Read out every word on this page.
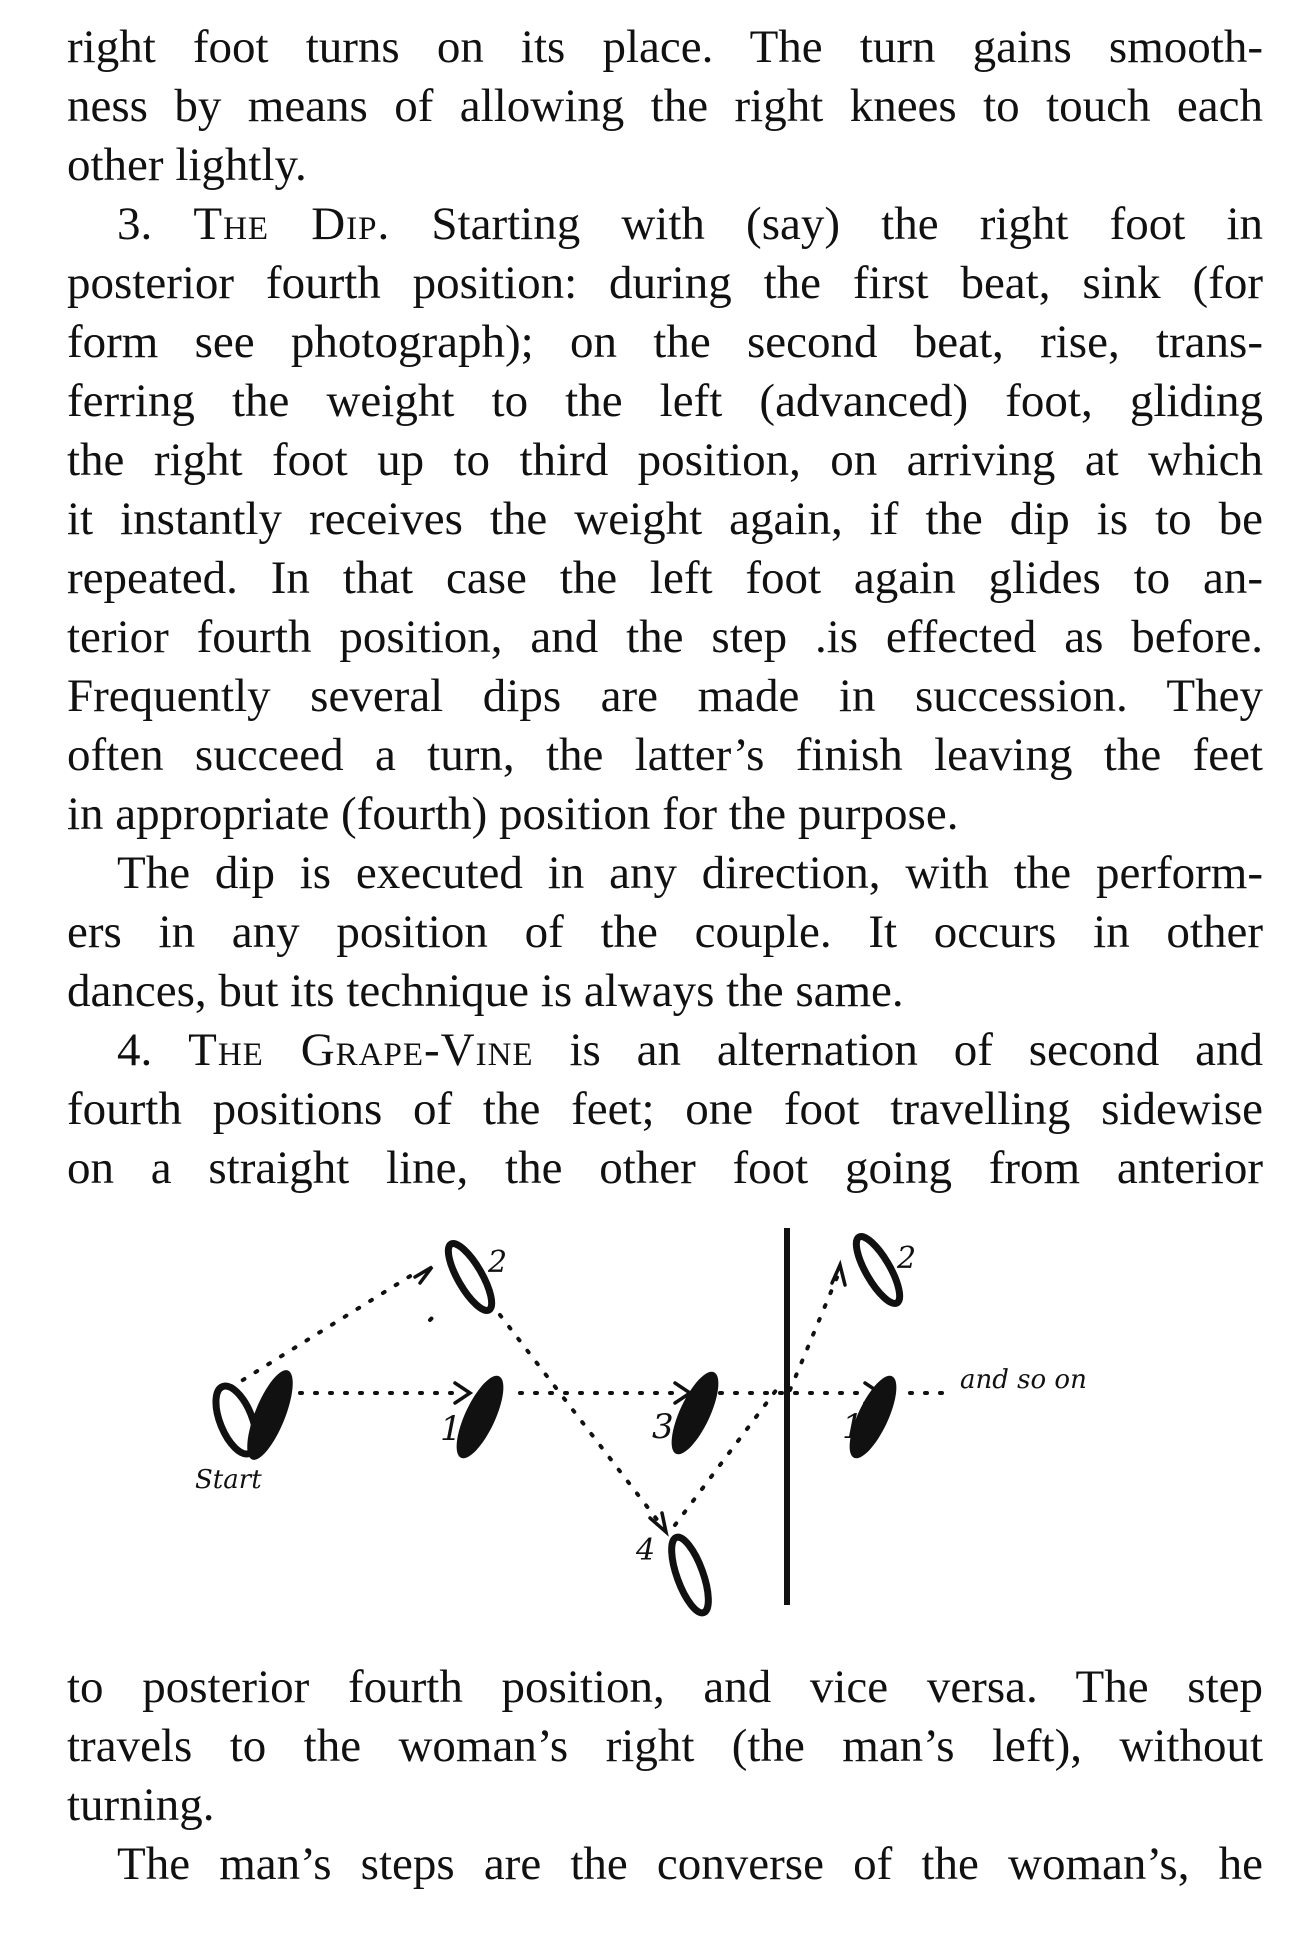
right foot turns on its place. The turn gains smooth-
ness by means of allowing the right knees to touch each
other lightly.
3. The Dip. Starting with (say) the right foot in
posterior fourth position: during the first beat, sink (for
form see photograph); on the second beat, rise, trans-
ferring the weight to the left (advanced) foot, gliding
the right foot up to third position, on arriving at which
it instantly receives the weight again, if the dip is to be
repeated. In that case the left foot again glides to an-
terior fourth position, and the step .is effected as before.
Frequently several dips are made in succession. They
often succeed a turn, the latter’s finish leaving the feet
in appropriate (fourth) position for the purpose.
The dip is executed in any direction, with the perform-
ers in any position of the couple. It occurs in other
dances, but its technique is always the same.
4. The Grape-Vine is an alternation of second and
fourth positions of the feet; one foot travelling sidewise
on a straight line, the other foot going from anterior
Start
1
2
3
4
1
2
and so on
to posterior fourth position, and vice versa. The step
travels to the woman’s right (the man’s left), without
turning.
The man’s steps are the converse of the woman’s, he
